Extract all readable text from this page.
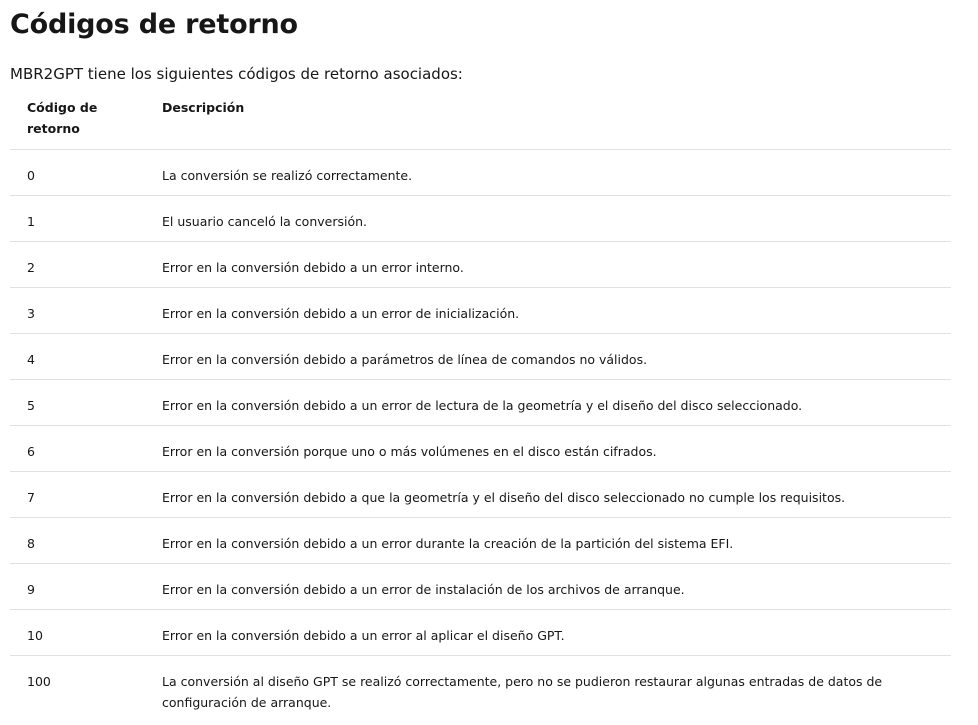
Códigos de retorno

MBR2GPT tiene los siguientes códigos de retorno asociados:

Código de retorno	Descripción
0	La conversión se realizó correctamente.
1	El usuario canceló la conversión.
2	Error en la conversión debido a un error interno.
3	Error en la conversión debido a un error de inicialización.
4	Error en la conversión debido a parámetros de línea de comandos no válidos.
5	Error en la conversión debido a un error de lectura de la geometría y el diseño del disco seleccionado.
6	Error en la conversión porque uno o más volúmenes en el disco están cifrados.
7	Error en la conversión debido a que la geometría y el diseño del disco seleccionado no cumple los requisitos.
8	Error en la conversión debido a un error durante la creación de la partición del sistema EFI.
9	Error en la conversión debido a un error de instalación de los archivos de arranque.
10	Error en la conversión debido a un error al aplicar el diseño GPT.
100	La conversión al diseño GPT se realizó correctamente, pero no se pudieron restaurar algunas entradas de datos de configuración de arranque.
